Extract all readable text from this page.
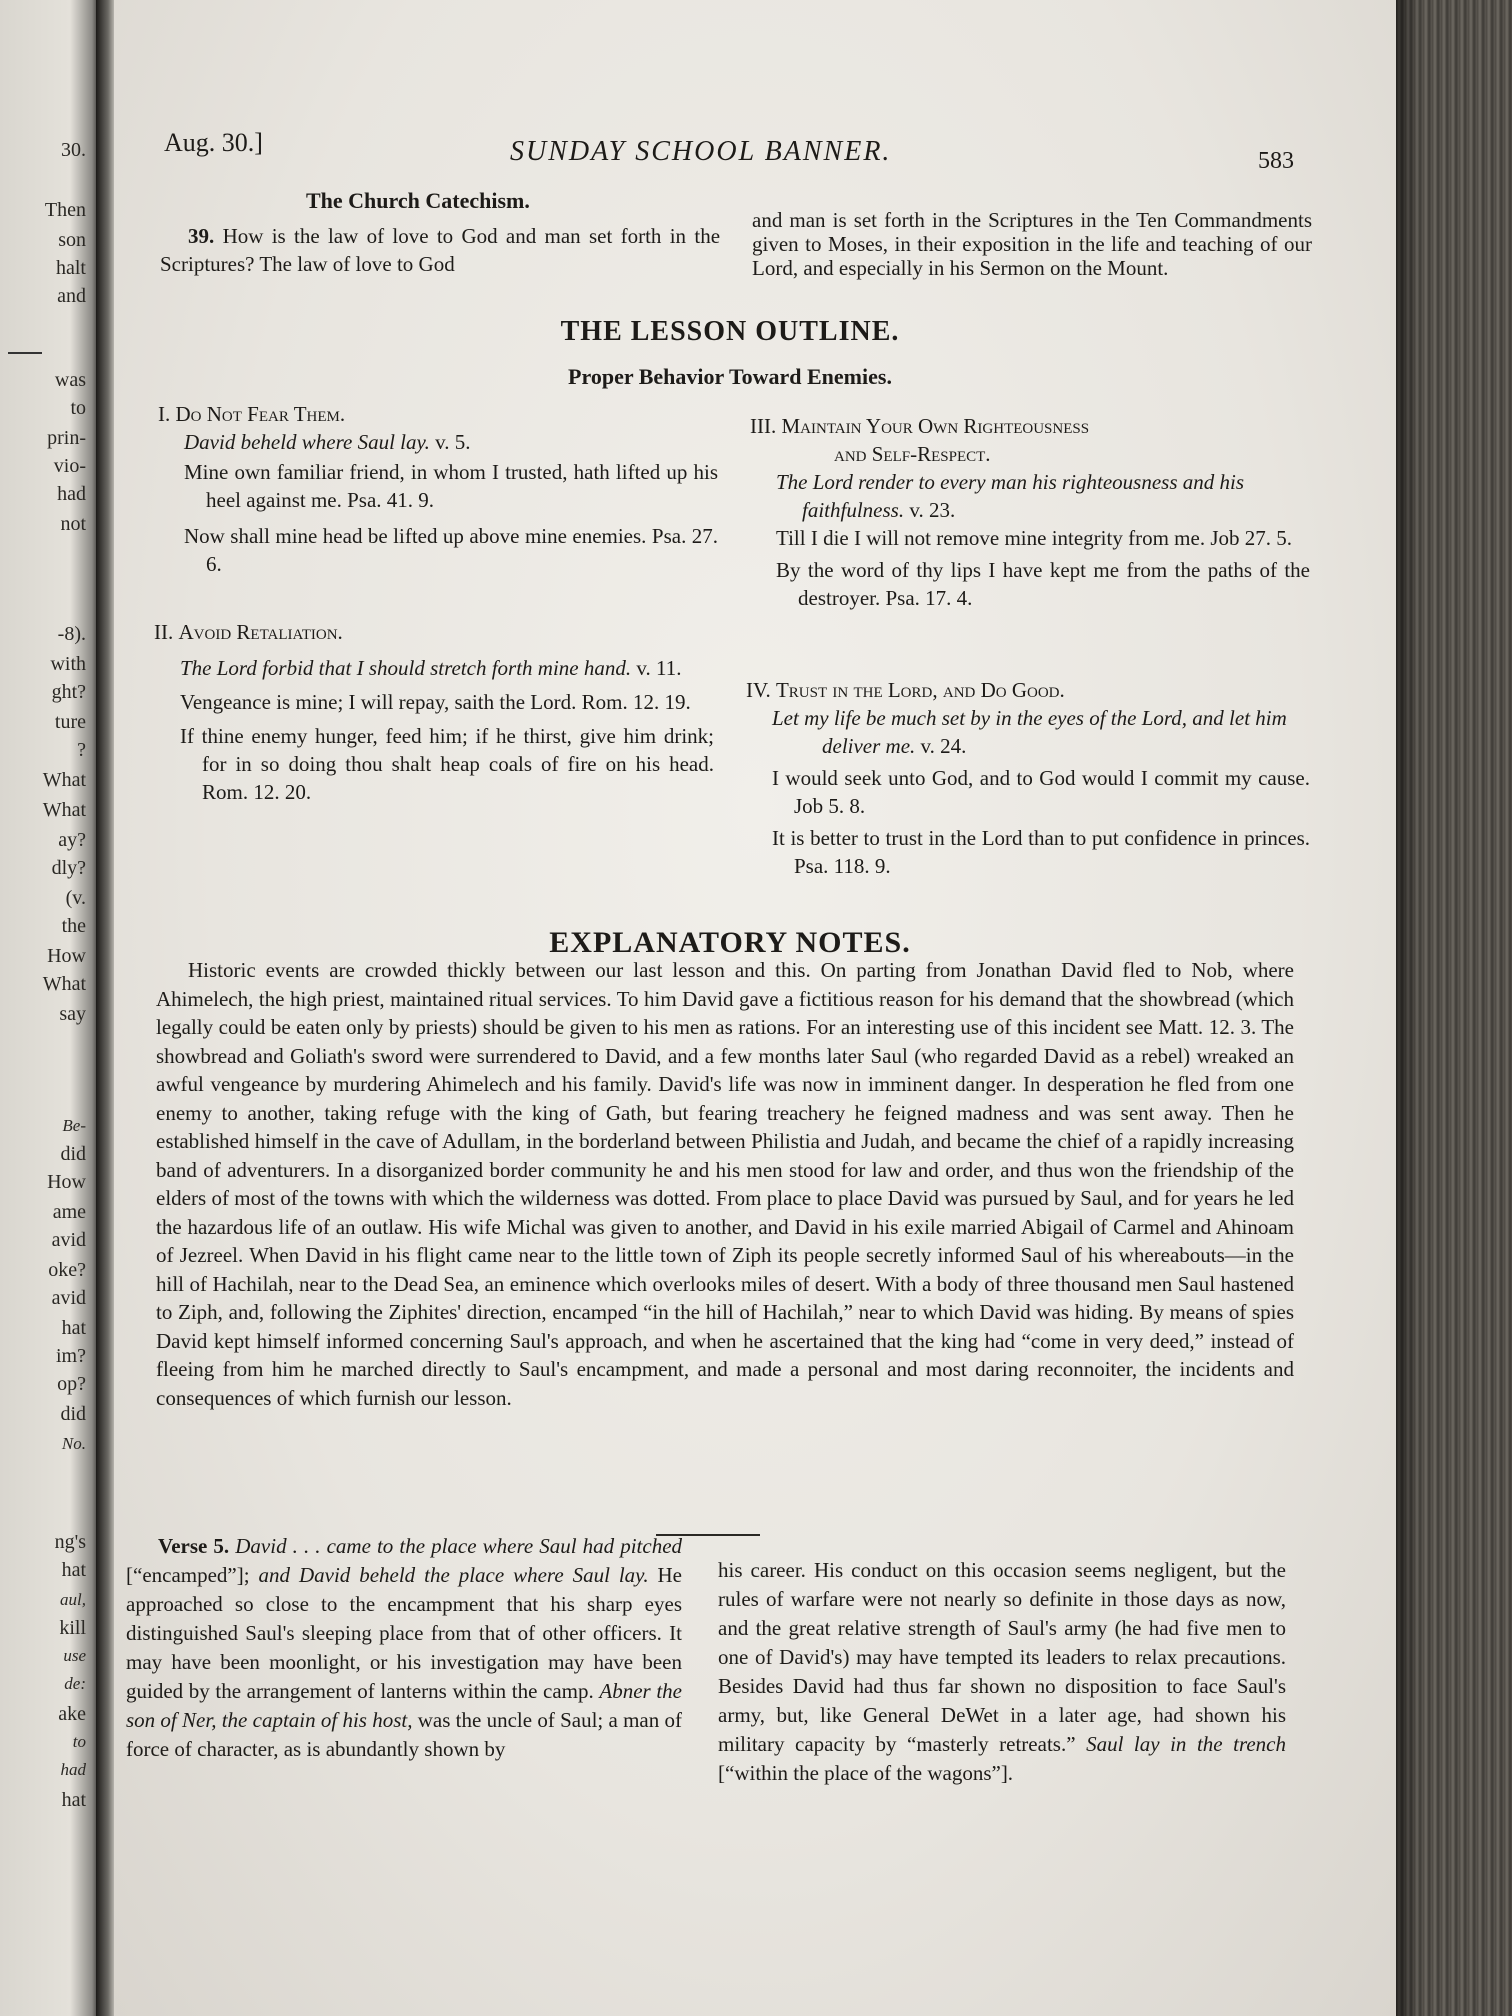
30.
Then
son
halt
and
was
to
prin-
vio-
had
not
-8).
with
ght?
ture
?
What
What
ay?
dly?
(v.
the
How
What
say
Be-
did
How
ame
avid
oke?
avid
hat
im?
op?
did
No.
ng's
hat
aul,
kill
use
de:
ake
to
had
hat
Aug. 30.]	SUNDAY SCHOOL BANNER.	583
The Church Catechism.
39. How is the law of love to God and man set forth in the Scriptures? The law of love to God
and man is set forth in the Scriptures in the Ten Commandments given to Moses, in their exposition in the life and teaching of our Lord, and especially in his Sermon on the Mount.
THE LESSON OUTLINE.
Proper Behavior Toward Enemies.
I. Do Not Fear Them.
David beheld where Saul lay. v. 5.
Mine own familiar friend, in whom I trusted, hath lifted up his heel against me. Psa. 41. 9.
Now shall mine head be lifted up above mine enemies. Psa. 27. 6.
II. Avoid Retaliation.
The Lord forbid that I should stretch forth mine hand. v. 11.
Vengeance is mine; I will repay, saith the Lord. Rom. 12. 19.
If thine enemy hunger, feed him; if he thirst, give him drink; for in so doing thou shalt heap coals of fire on his head. Rom. 12. 20.
III. Maintain Your Own Righteousness
and Self-Respect.
The Lord render to every man his righteousness and his faithfulness. v. 23.
Till I die I will not remove mine integrity from me. Job 27. 5.
By the word of thy lips I have kept me from the paths of the destroyer. Psa. 17. 4.
IV. Trust in the Lord, and Do Good.
Let my life be much set by in the eyes of the Lord, and let him deliver me. v. 24.
I would seek unto God, and to God would I commit my cause. Job 5. 8.
It is better to trust in the Lord than to put confidence in princes. Psa. 118. 9.
EXPLANATORY NOTES.
Historic events are crowded thickly between our last lesson and this. On parting from Jonathan David fled to Nob, where Ahimelech, the high priest, maintained ritual services. To him David gave a fictitious reason for his demand that the showbread (which legally could be eaten only by priests) should be given to his men as rations. For an interesting use of this incident see Matt. 12. 3. The showbread and Goliath's sword were surrendered to David, and a few months later Saul (who regarded David as a rebel) wreaked an awful vengeance by murdering Ahimelech and his family. David's life was now in imminent danger. In desperation he fled from one enemy to another, taking refuge with the king of Gath, but fearing treachery he feigned madness and was sent away. Then he established himself in the cave of Adullam, in the borderland between Philistia and Judah, and became the chief of a rapidly increasing band of adventurers. In a disorganized border community he and his men stood for law and order, and thus won the friendship of the elders of most of the towns with which the wilderness was dotted. From place to place David was pursued by Saul, and for years he led the hazardous life of an outlaw. His wife Michal was given to another, and David in his exile married Abigail of Carmel and Ahinoam of Jezreel. When David in his flight came near to the little town of Ziph its people secretly informed Saul of his whereabouts—in the hill of Hachilah, near to the Dead Sea, an eminence which overlooks miles of desert. With a body of three thousand men Saul hastened to Ziph, and, following the Ziphites' direction, encamped “in the hill of Hachilah,” near to which David was hiding. By means of spies David kept himself informed concerning Saul's approach, and when he ascertained that the king had “come in very deed,” instead of fleeing from him he marched directly to Saul's encampment, and made a personal and most daring reconnoiter, the incidents and consequences of which furnish our lesson.
Verse 5. David . . . came to the place where Saul had pitched [“encamped”]; and David beheld the place where Saul lay. He approached so close to the encampment that his sharp eyes distinguished Saul's sleeping place from that of other officers. It may have been moonlight, or his investigation may have been guided by the arrangement of lanterns within the camp. Abner the son of Ner, the captain of his host, was the uncle of Saul; a man of force of character, as is abundantly shown by
his career. His conduct on this occasion seems negligent, but the rules of warfare were not nearly so definite in those days as now, and the great relative strength of Saul's army (he had five men to one of David's) may have tempted its leaders to relax precautions. Besides David had thus far shown no disposition to face Saul's army, but, like General DeWet in a later age, had shown his military capacity by “masterly retreats.” Saul lay in the trench [“within the place of the wagons”].
